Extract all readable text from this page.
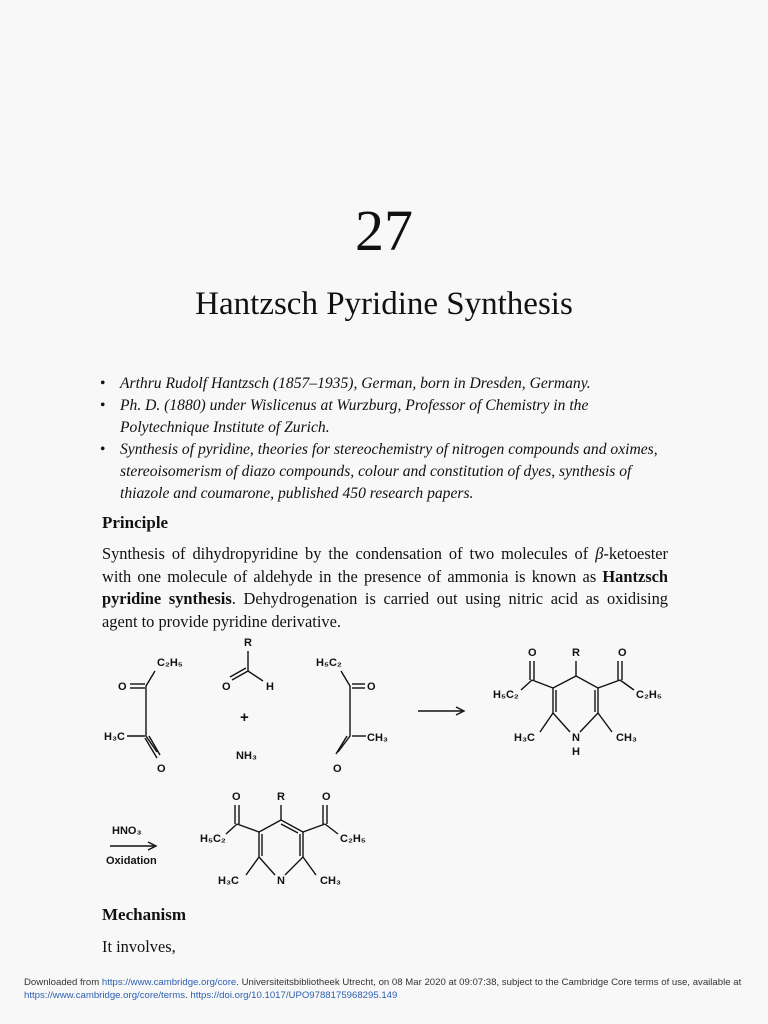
27
Hantzsch Pyridine Synthesis
• Arthru Rudolf Hantzsch (1857–1935), German, born in Dresden, Germany.
• Ph. D. (1880) under Wislicenus at Wurzburg, Professor of Chemistry in the Polytechnique Institute of Zurich.
• Synthesis of pyridine, theories for stereochemistry of nitrogen compounds and oximes, stereoisomerism of diazo compounds, colour and constitution of dyes, synthesis of thiazole and coumarone, published 450 research papers.
Principle
Synthesis of dihydropyridine by the condensation of two molecules of β-ketoester with one molecule of aldehyde in the presence of ammonia is known as Hantzsch pyridine synthesis. Dehydrogenation is carried out using nitric acid as oxidising agent to provide pyridine derivative.
C₂H₅
O
H₃C
O
R
O	H
+
NH₃
H₅C₂
O
CH₃
O
O	R	O
H₅C₂	C₂H₅
H₃C	N
H
CH₃
HNO₃
Oxidation
O	R	O
H₅C₂	C₂H₅
H₃C	N	CH₃
Mechanism
It involves,
Downloaded from https://www.cambridge.org/core. Universiteitsbibliotheek Utrecht, on 08 Mar 2020 at 09:07:38, subject to the Cambridge Core terms of use, available at
https://www.cambridge.org/core/terms. https://doi.org/10.1017/UPO9788175968295.149
